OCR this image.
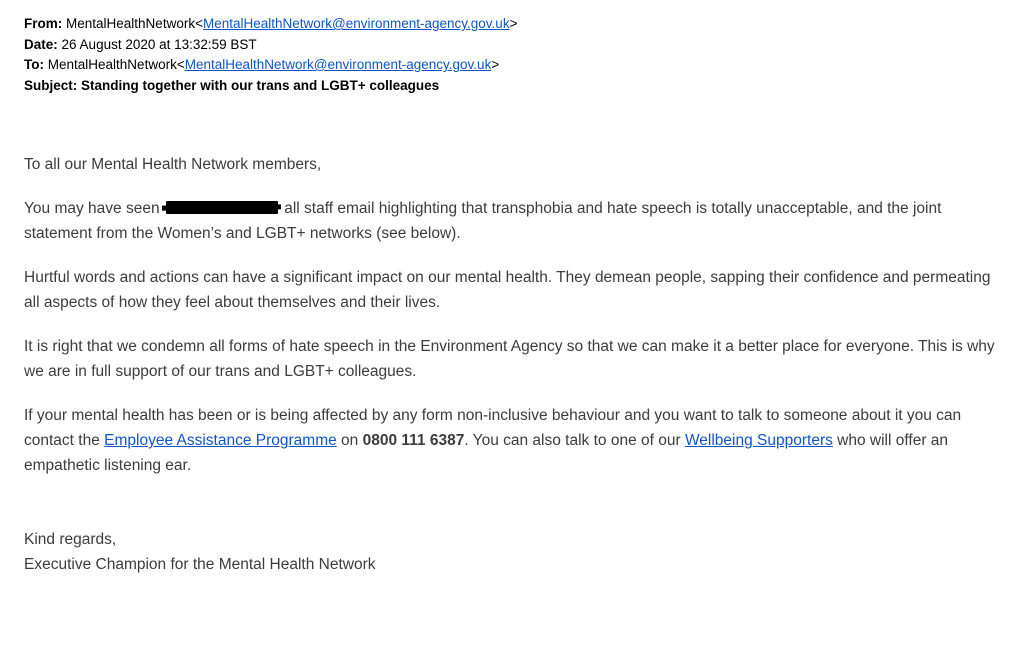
From: MentalHealthNetwork<MentalHealthNetwork@environment-agency.gov.uk>
Date: 26 August 2020 at 13:32:59 BST
To: MentalHealthNetwork<MentalHealthNetwork@environment-agency.gov.uk>
Subject: Standing together with our trans and LGBT+ colleagues

To all our Mental Health Network members,

You may have seen	all staff email highlighting that transphobia and hate speech is totally unacceptable, and the joint statement from the Women’s and LGBT+ networks (see below).

Hurtful words and actions can have a significant impact on our mental health. They demean people, sapping their confidence and permeating all aspects of how they feel about themselves and their lives.

It is right that we condemn all forms of hate speech in the Environment Agency so that we can make it a better place for everyone. This is why we are in full support of our trans and LGBT+ colleagues.

If your mental health has been or is being affected by any form non-inclusive behaviour and you want to talk to someone about it you can contact the Employee Assistance Programme on 0800 111 6387. You can also talk to one of our Wellbeing Supporters who will offer an empathetic listening ear.

Kind regards,

Executive Champion for the Mental Health Network
